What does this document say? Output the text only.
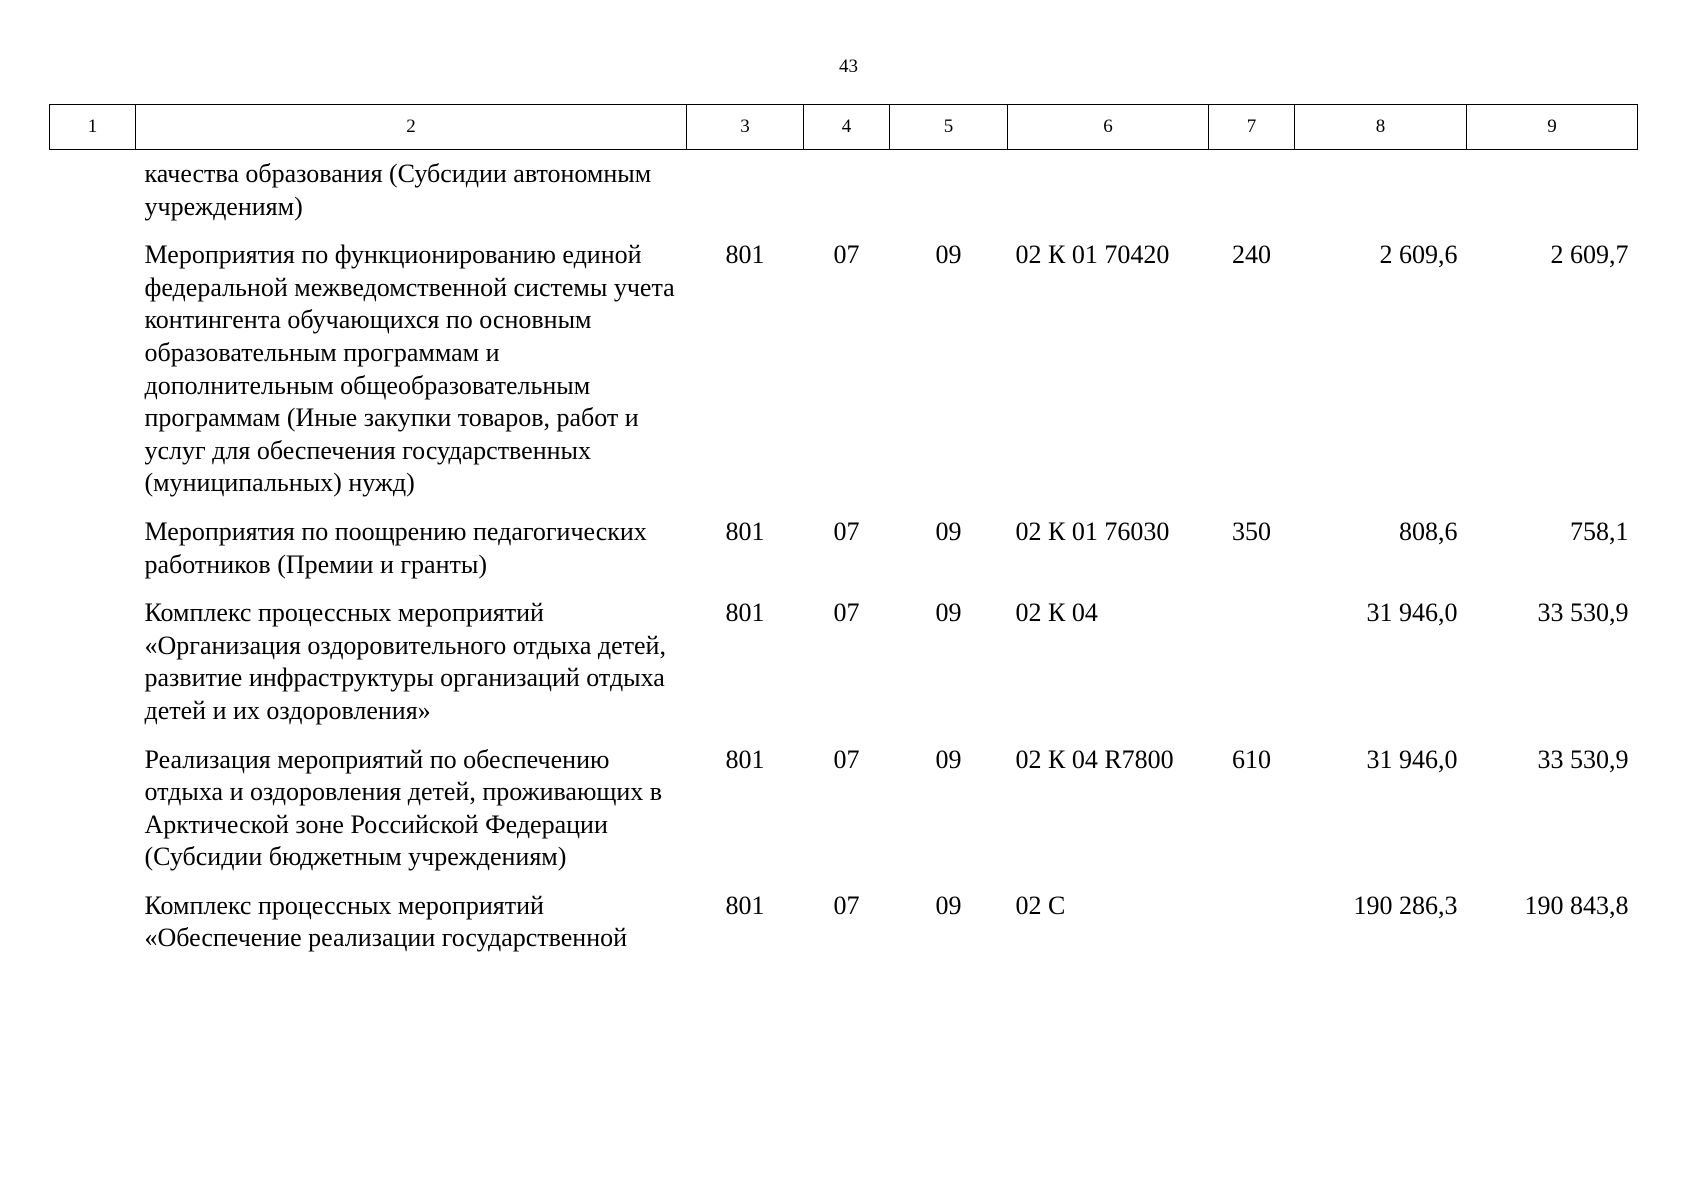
43
1	2	3	4	5	6	7	8	9
	качества образования (Субсидии автономным учреждениям)							
	Мероприятия по функционированию единой федеральной межведомственной системы учета контингента обучающихся по основным образовательным программам и дополнительным общеобразовательным программам (Иные закупки товаров, работ и услуг для обеспечения государственных (муниципальных) нужд)	801	07	09	02 К 01 70420	240	2 609,6	2 609,7
	Мероприятия по поощрению педагогических работников (Премии и гранты)	801	07	09	02 К 01 76030	350	808,6	758,1
	Комплекс процессных мероприятий «Организация оздоровительного отдыха детей, развитие инфраструктуры организаций отдыха детей и их оздоровления»	801	07	09	02 К 04		31 946,0	33 530,9
	Реализация мероприятий по обеспечению отдыха и оздоровления детей, проживающих в Арктической зоне Российской Федерации (Субсидии бюджетным учреждениям)	801	07	09	02 К 04 R7800	610	31 946,0	33 530,9
	Комплекс процессных мероприятий «Обеспечение реализации государственной	801	07	09	02 С		190 286,3	190 843,8
